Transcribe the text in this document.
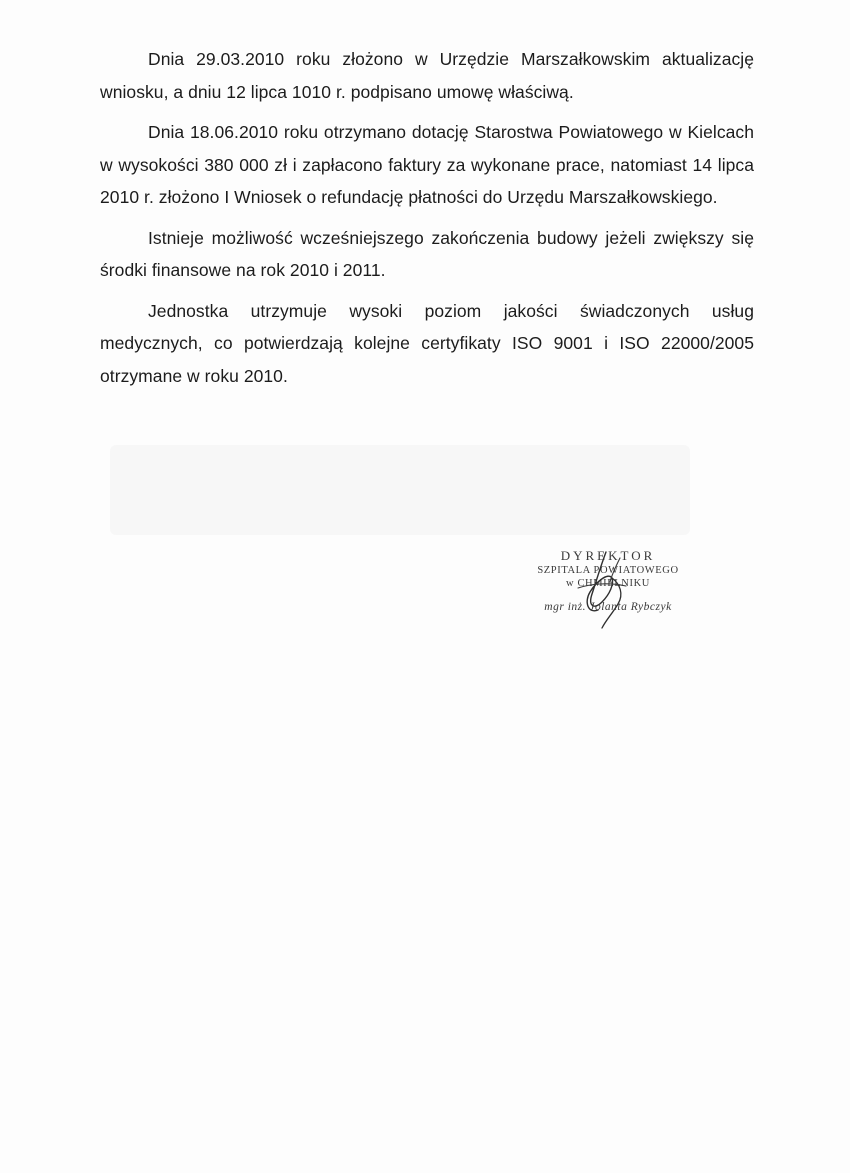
Dnia 29.03.2010 roku złożono w Urzędzie Marszałkowskim aktualizację wniosku, a dniu 12 lipca 1010 r. podpisano umowę właściwą.

Dnia 18.06.2010 roku otrzymano dotację Starostwa Powiatowego w Kielcach w wysokości 380 000 zł i zapłacono faktury za wykonane prace, natomiast 14 lipca 2010 r. złożono I Wniosek o refundację płatności do Urzędu Marszałkowskiego.

Istnieje możliwość wcześniejszego zakończenia budowy jeżeli zwiększy się środki finansowe na rok 2010 i 2011.

Jednostka utrzymuje wysoki poziom jakości świadczonych usług medycznych, co potwierdzają kolejne certyfikaty ISO 9001 i ISO 22000/2005 otrzymane w roku 2010.

DYREKTOR
SZPITALA POWIATOWEGO
w CHMIELNIKU
mgr inż. Jolanta Rybczyk
